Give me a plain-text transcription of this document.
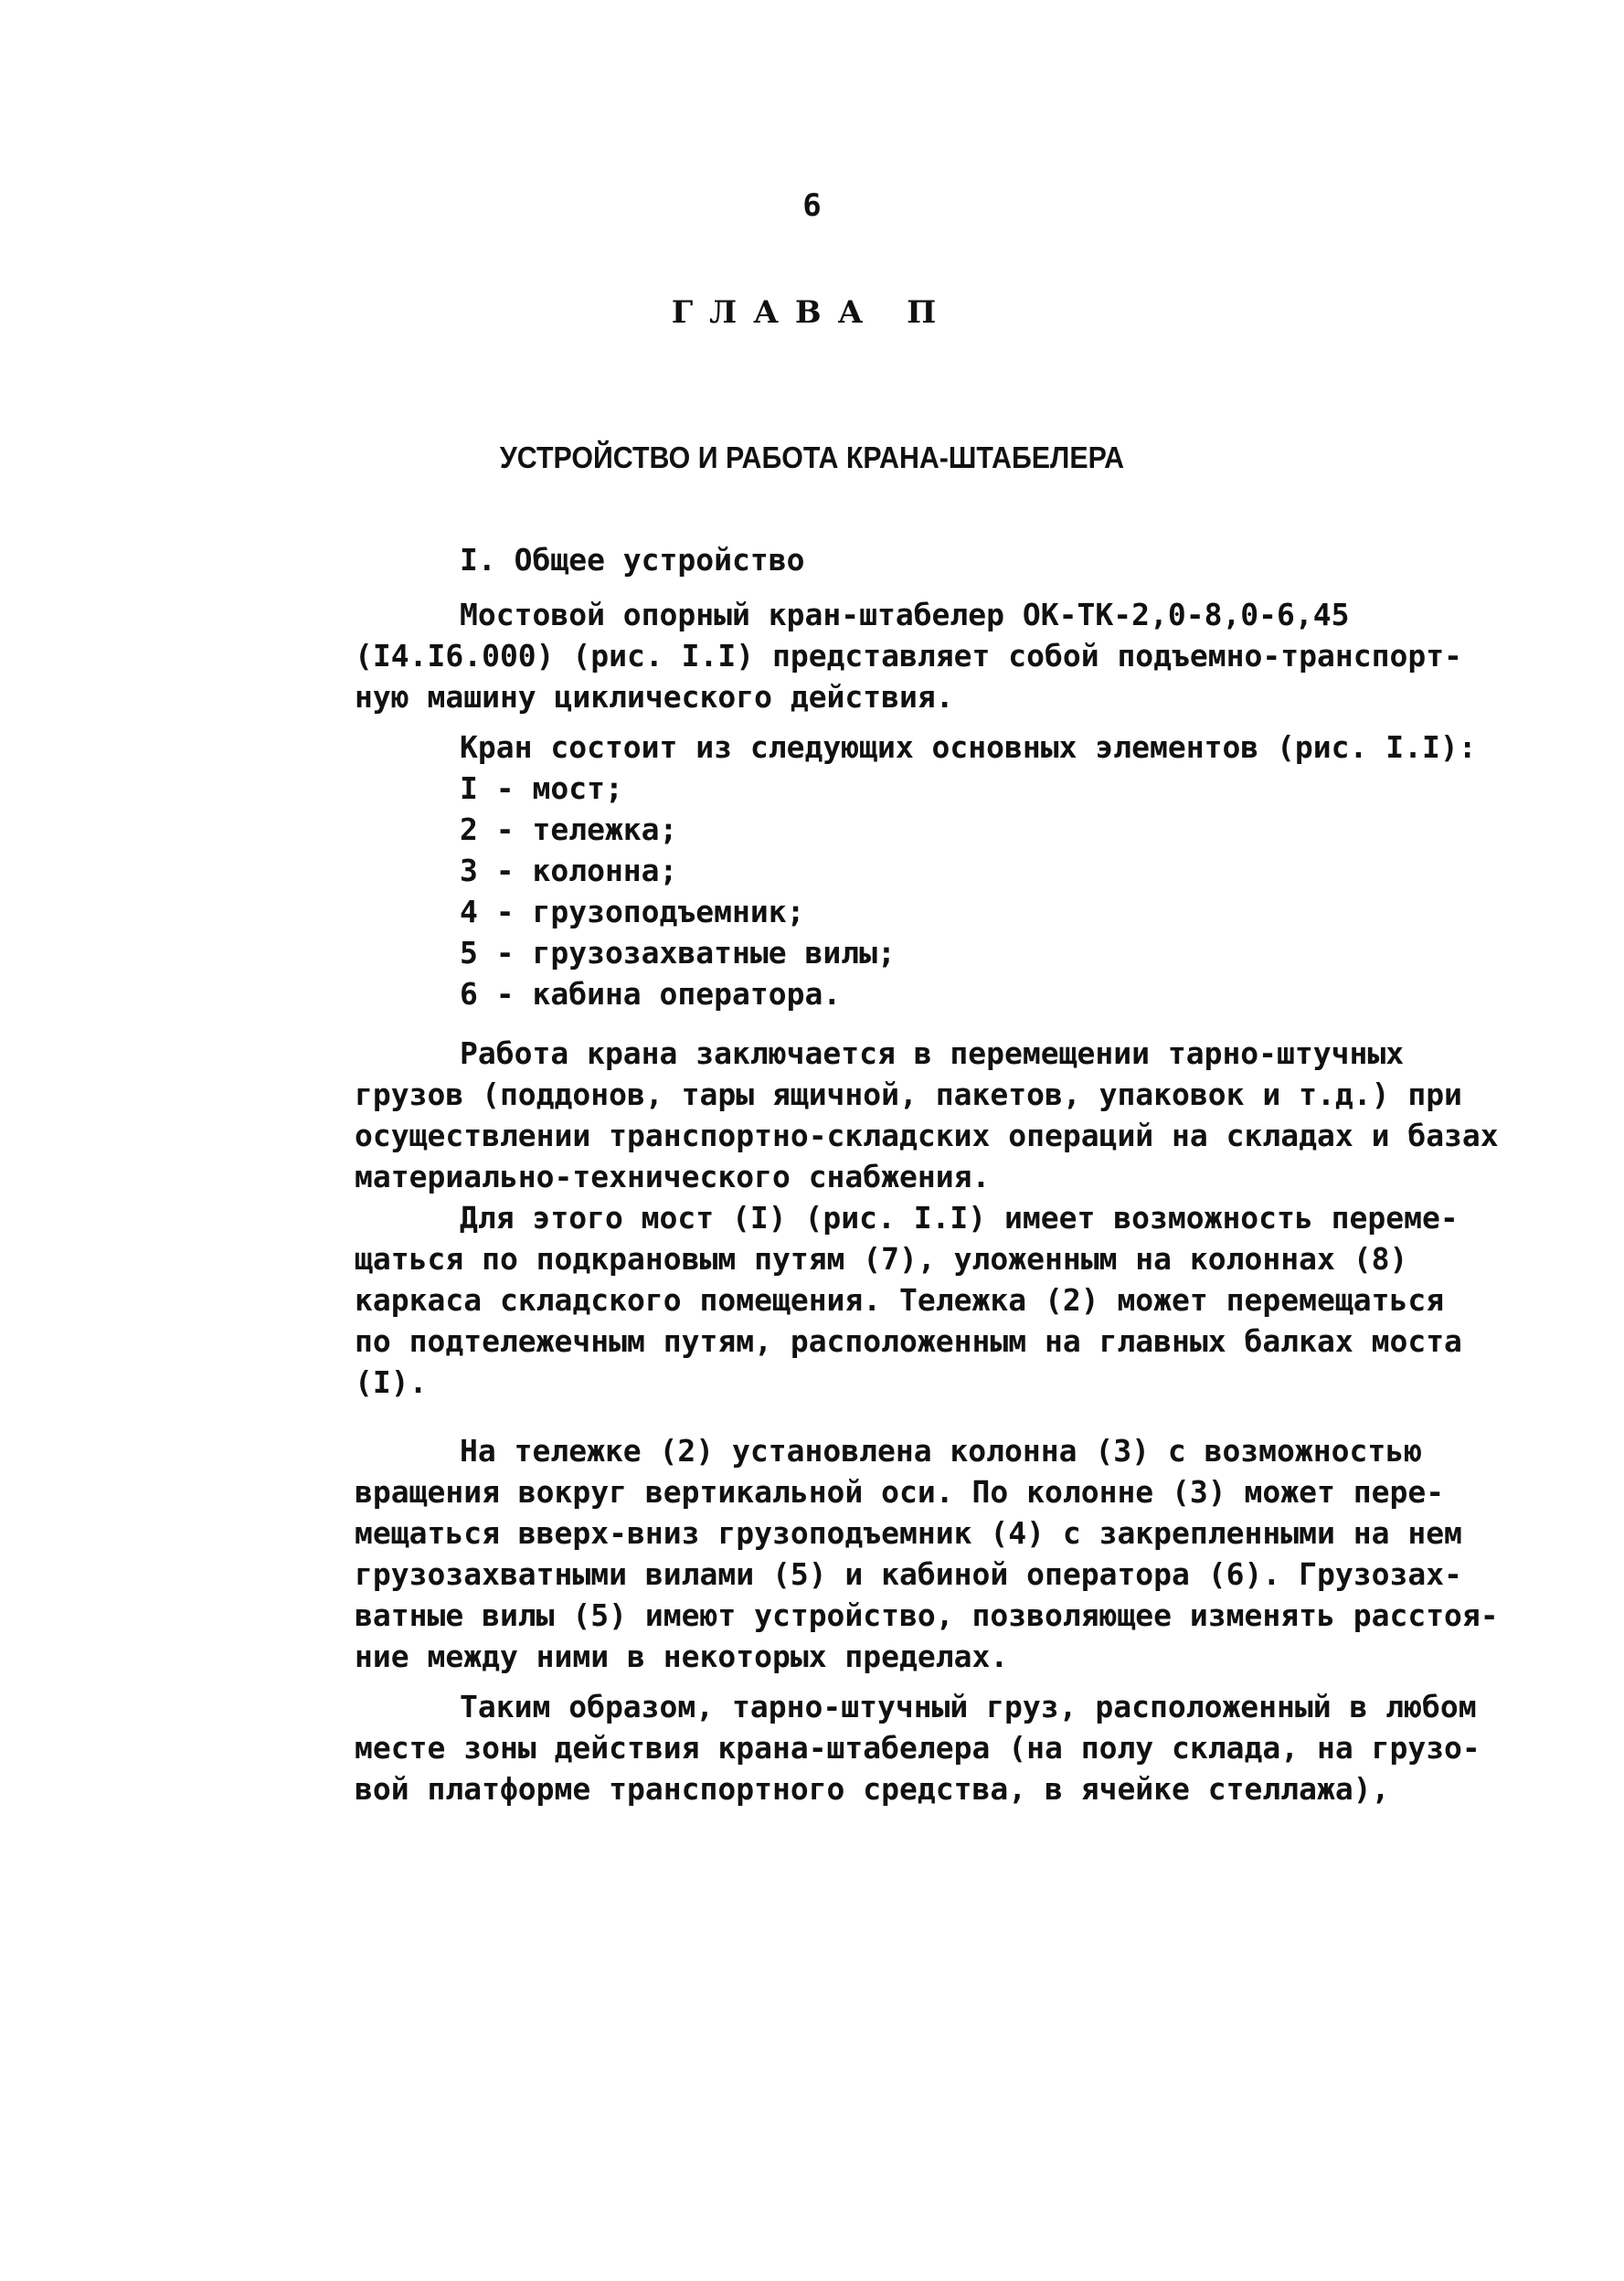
6
ГЛАВА П
УСТРОЙСТВО И РАБОТА КРАНА-ШТАБЕЛЕРА
I. Общее устройство
Мостовой опорный кран-штабелер ОК-ТК-2,0-8,0-6,45
(I4.I6.000) (рис. I.I) представляет собой подъемно-транспорт-
ную машину циклического действия.
Кран состоит из следующих основных элементов (рис. I.I):
I - мост;
2 - тележка;
3 - колонна;
4 - грузоподъемник;
5 - грузозахватные вилы;
6 - кабина оператора.
Работа крана заключается в перемещении тарно-штучных
грузов (поддонов, тары ящичной, пакетов, упаковок и т.д.) при
осуществлении транспортно-складских операций на складах и базах
материально-технического снабжения.
Для этого мост (I) (рис. I.I) имеет возможность переме-
щаться по подкрановым путям (7), уложенным на колоннах (8)
каркаса складского помещения. Тележка (2) может перемещаться
по подтележечным путям, расположенным на главных балках моста
(I).
На тележке (2) установлена колонна (3) с возможностью
вращения вокруг вертикальной оси. По колонне (3) может пере-
мещаться вверх-вниз грузоподъемник (4) с закрепленными на нем
грузозахватными вилами (5) и кабиной оператора (6). Грузозах-
ватные вилы (5) имеют устройство, позволяющее изменять расстоя-
ние между ними в некоторых пределах.
Таким образом, тарно-штучный груз, расположенный в любом
месте зоны действия крана-штабелера (на полу склада, на грузо-
вой платформе транспортного средства, в ячейке стеллажа),
